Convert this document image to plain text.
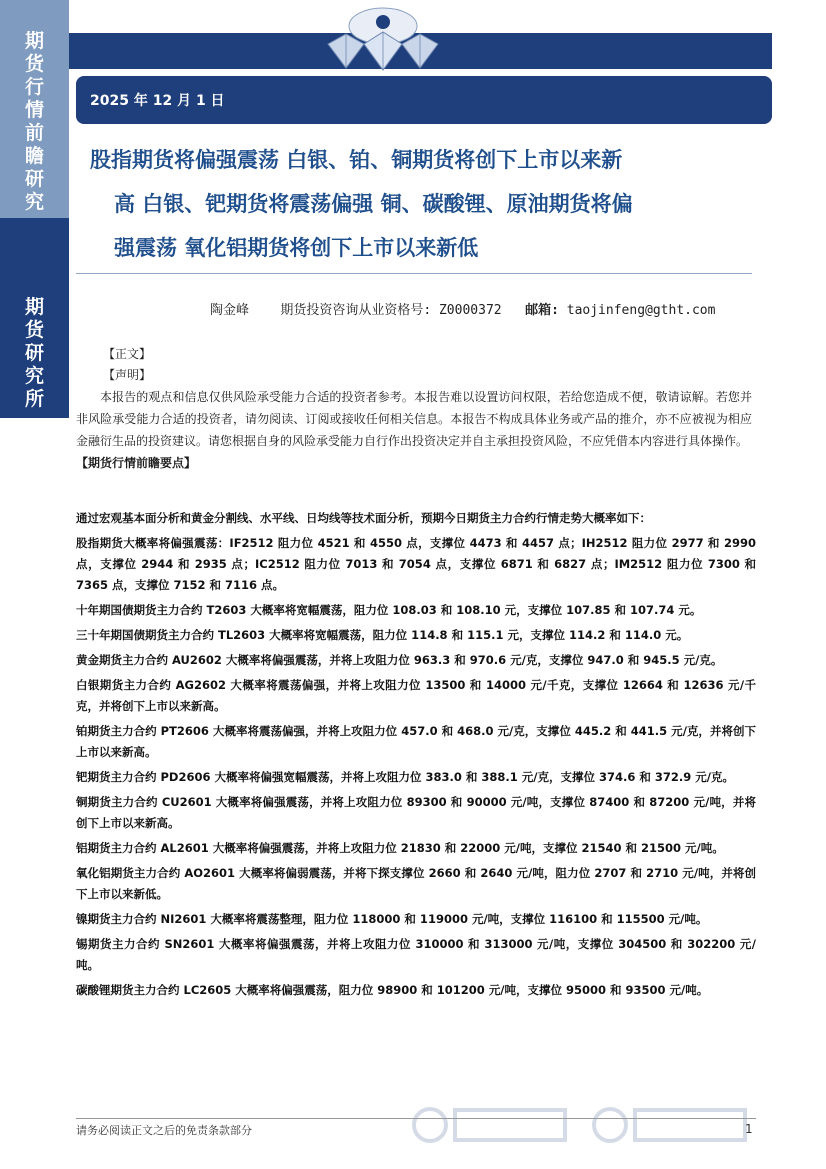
期
货
行
情
前
瞻
研
究
期
货
研
究
所
2025 年 12 月 1 日
股指期货将偏强震荡 白银、铂、铜期货将创下上市以来新
高 白银、钯期货将震荡偏强 铜、碳酸锂、原油期货将偏
强震荡 氧化铝期货将创下上市以来新低
陶金峰 期货投资咨询从业资格号: Z0000372 邮箱: taojinfeng@gtht.com
【正文】
【声明】

本报告的观点和信息仅供风险承受能力合适的投资者参考。本报告难以设置访问权限，若给您造成不便，敬请谅解。若您并非风险承受能力合适的投资者，请勿阅读、订阅或接收任何相关信息。本报告不构成具体业务或产品的推介，亦不应被视为相应金融衍生品的投资建议。请您根据自身的风险承受能力自行作出投资决定并自主承担投资风险，不应凭借本内容进行具体操作。

【期货行情前瞻要点】

通过宏观基本面分析和黄金分割线、水平线、日均线等技术面分析，预期今日期货主力合约行情走势大概率如下：

股指期货大概率将偏强震荡：IF2512 阻力位 4521 和 4550 点，支撑位 4473 和 4457 点；IH2512 阻力位 2977 和 2990 点，支撑位 2944 和 2935 点；IC2512 阻力位 7013 和 7054 点，支撑位 6871 和 6827 点；IM2512 阻力位 7300 和 7365 点，支撑位 7152 和 7116 点。

十年期国债期货主力合约 T2603 大概率将宽幅震荡，阻力位 108.03 和 108.10 元，支撑位 107.85 和 107.74 元。

三十年期国债期货主力合约 TL2603 大概率将宽幅震荡，阻力位 114.8 和 115.1 元，支撑位 114.2 和 114.0 元。

黄金期货主力合约 AU2602 大概率将偏强震荡，并将上攻阻力位 963.3 和 970.6 元/克，支撑位 947.0 和 945.5 元/克。

白银期货主力合约 AG2602 大概率将震荡偏强，并将上攻阻力位 13500 和 14000 元/千克，支撑位 12664 和 12636 元/千克，并将创下上市以来新高。

铂期货主力合约 PT2606 大概率将震荡偏强，并将上攻阻力位 457.0 和 468.0 元/克，支撑位 445.2 和 441.5 元/克，并将创下上市以来新高。

钯期货主力合约 PD2606 大概率将偏强宽幅震荡，并将上攻阻力位 383.0 和 388.1 元/克，支撑位 374.6 和 372.9 元/克。

铜期货主力合约 CU2601 大概率将偏强震荡，并将上攻阻力位 89300 和 90000 元/吨，支撑位 87400 和 87200 元/吨，并将创下上市以来新高。

铝期货主力合约 AL2601 大概率将偏强震荡，并将上攻阻力位 21830 和 22000 元/吨，支撑位 21540 和 21500 元/吨。

氧化铝期货主力合约 AO2601 大概率将偏弱震荡，并将下探支撑位 2660 和 2640 元/吨，阻力位 2707 和 2710 元/吨，并将创下上市以来新低。

镍期货主力合约 NI2601 大概率将震荡整理，阻力位 118000 和 119000 元/吨，支撑位 116100 和 115500 元/吨。

锡期货主力合约 SN2601 大概率将偏强震荡，并将上攻阻力位 310000 和 313000 元/吨，支撑位 304500 和 302200 元/吨。

碳酸锂期货主力合约 LC2605 大概率将偏强震荡，阻力位 98900 和 101200 元/吨，支撑位 95000 和 93500 元/吨。

请务必阅读正文之后的免责条款部分	1
